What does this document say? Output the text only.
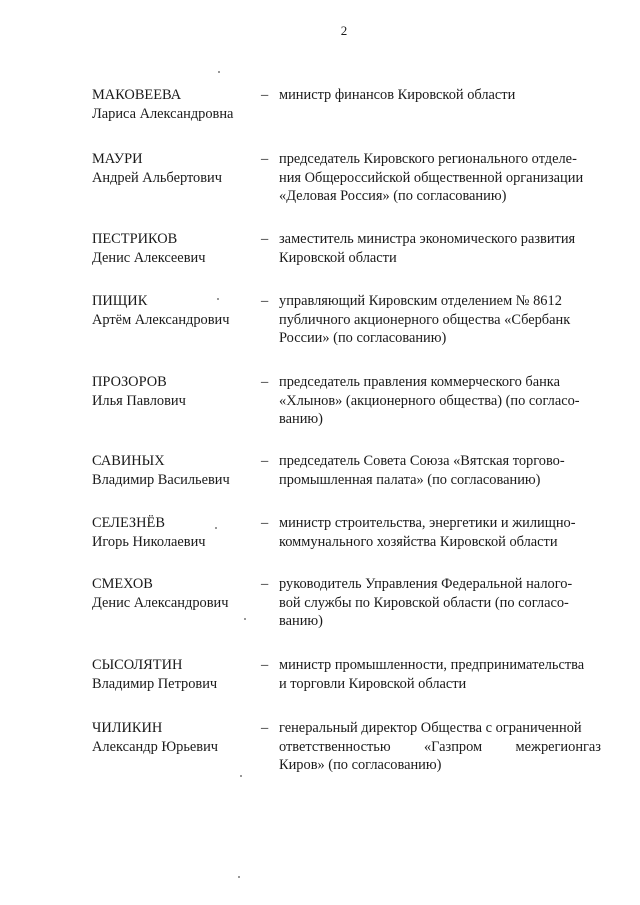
2
МАКОВЕЕВА
Лариса Александровна
– министр финансов Кировской области
МАУРИ
Андрей Альбертович
– председатель Кировского регионального отделе-
ния Общероссийской общественной организации
«Деловая Россия» (по согласованию)
ПЕСТРИКОВ
Денис Алексеевич
– заместитель министра экономического развития
Кировской области
ПИЩИК
Артём Александрович
– управляющий Кировским отделением № 8612
публичного акционерного общества «Сбербанк
России» (по согласованию)
ПРОЗОРОВ
Илья Павлович
– председатель правления коммерческого банка
«Хлынов» (акционерного общества) (по согласо-
ванию)
САВИНЫХ
Владимир Васильевич
– председатель Совета Союза «Вятская торгово-
промышленная палата» (по согласованию)
СЕЛЕЗНЁВ
Игорь Николаевич
– министр строительства, энергетики и жилищно-
коммунального хозяйства Кировской области
СМЕХОВ
Денис Александрович
– руководитель Управления Федеральной налого-
вой службы по Кировской области (по согласо-
ванию)
СЫСОЛЯТИН
Владимир Петрович
– министр промышленности, предпринимательства
и торговли Кировской области
ЧИЛИКИН
Александр Юрьевич
– генеральный директор Общества с ограниченной
ответственностью «Газпром межрегионгаз
Киров» (по согласованию)
